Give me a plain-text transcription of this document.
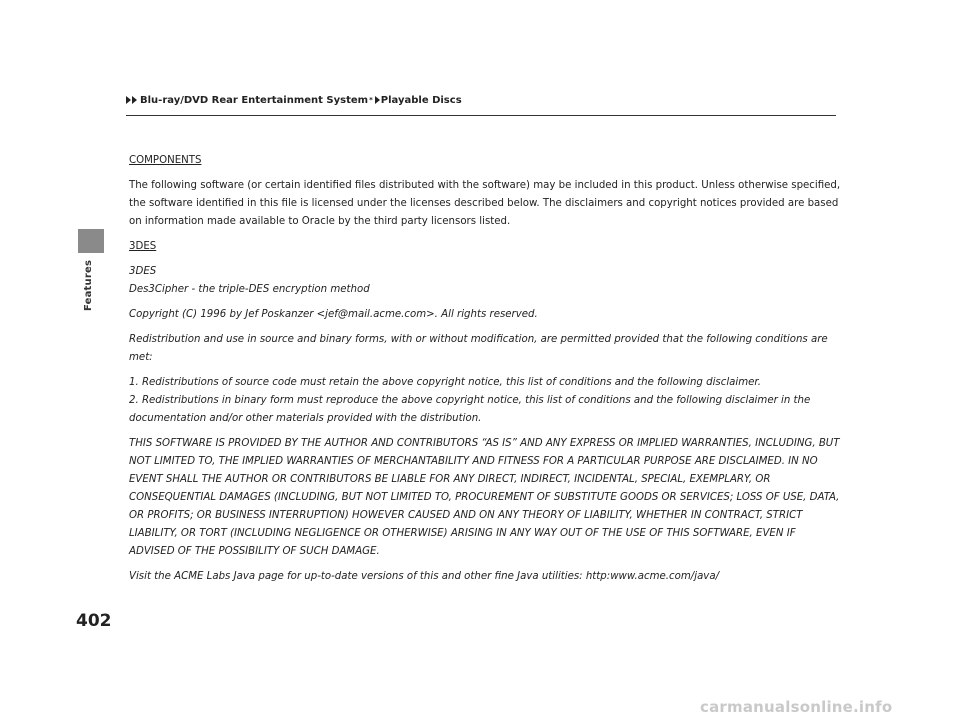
Blu-ray/DVD Rear Entertainment System * Playable Discs
Features

COMPONENTS

The following software (or certain identified files distributed with the software) may be included in this product. Unless otherwise specified, the software identified in this file is licensed under the licenses described below. The disclaimers and copyright notices provided are based on information made available to Oracle by the third party licensors listed.

3DES

3DES

Des3Cipher - the triple-DES encryption method

Copyright (C) 1996 by Jef Poskanzer <jef@mail.acme.com>. All rights reserved.

Redistribution and use in source and binary forms, with or without modification, are permitted provided that the following conditions are met:

1. Redistributions of source code must retain the above copyright notice, this list of conditions and the following disclaimer.

2. Redistributions in binary form must reproduce the above copyright notice, this list of conditions and the following disclaimer in the documentation and/or other materials provided with the distribution.

THIS SOFTWARE IS PROVIDED BY THE AUTHOR AND CONTRIBUTORS “AS IS” AND ANY EXPRESS OR IMPLIED WARRANTIES, INCLUDING, BUT NOT LIMITED TO, THE IMPLIED WARRANTIES OF MERCHANTABILITY AND FITNESS FOR A PARTICULAR PURPOSE ARE DISCLAIMED. IN NO EVENT SHALL THE AUTHOR OR CONTRIBUTORS BE LIABLE FOR ANY DIRECT, INDIRECT, INCIDENTAL, SPECIAL, EXEMPLARY, OR CONSEQUENTIAL DAMAGES (INCLUDING, BUT NOT LIMITED TO, PROCUREMENT OF SUBSTITUTE GOODS OR SERVICES; LOSS OF USE, DATA, OR PROFITS; OR BUSINESS INTERRUPTION) HOWEVER CAUSED AND ON ANY THEORY OF LIABILITY, WHETHER IN CONTRACT, STRICT LIABILITY, OR TORT (INCLUDING NEGLIGENCE OR OTHERWISE) ARISING IN ANY WAY OUT OF THE USE OF THIS SOFTWARE, EVEN IF ADVISED OF THE POSSIBILITY OF SUCH DAMAGE.

Visit the ACME Labs Java page for up-to-date versions of this and other fine Java utilities: http:www.acme.com/java/

402
carmanualsonline.info
